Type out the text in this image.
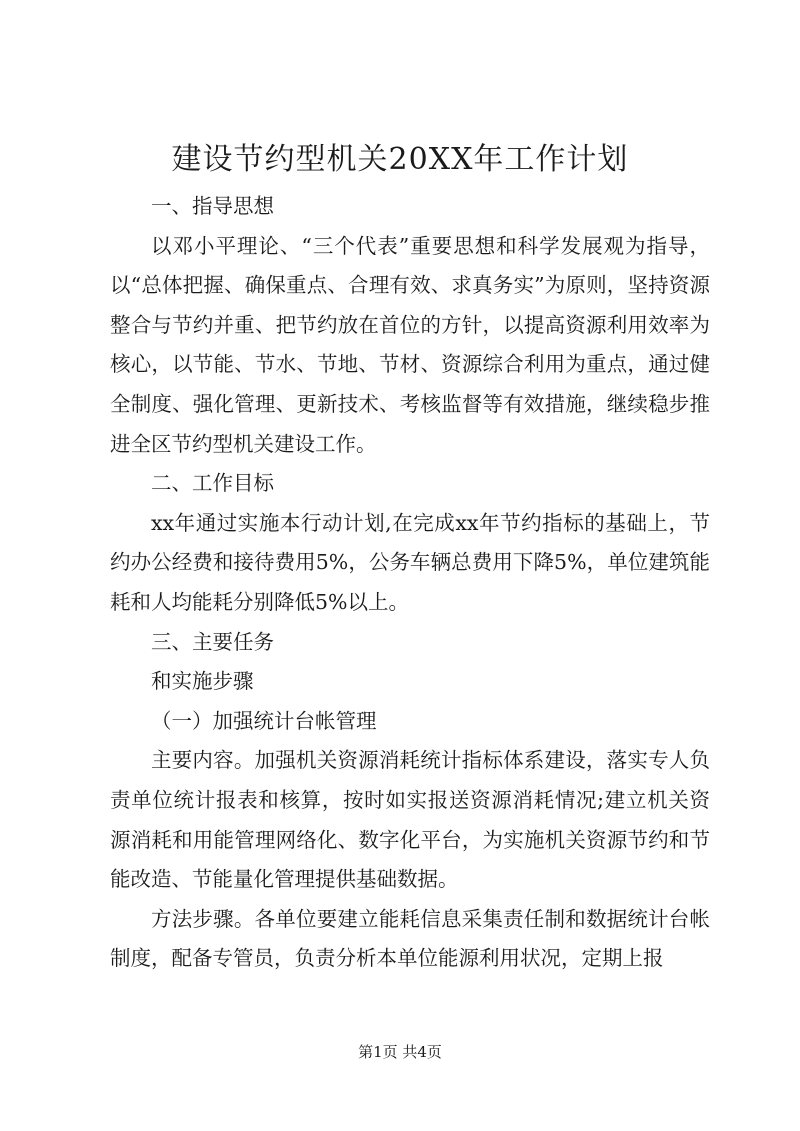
建设节约型机关20XX年工作计划

一、指导思想

以邓小平理论、“三个代表”重要思想和科学发展观为指导，以“总体把握、确保重点、合理有效、求真务实”为原则，坚持资源整合与节约并重、把节约放在首位的方针，以提高资源利用效率为核心，以节能、节水、节地、节材、资源综合利用为重点，通过健全制度、强化管理、更新技术、考核监督等有效措施，继续稳步推进全区节约型机关建设工作。

二、工作目标

xx年通过实施本行动计划,在完成xx年节约指标的基础上，节约办公经费和接待费用5%，公务车辆总费用下降5%，单位建筑能耗和人均能耗分别降低5%以上。

三、主要任务

和实施步骤

（一）加强统计台帐管理

主要内容。加强机关资源消耗统计指标体系建设，落实专人负责单位统计报表和核算，按时如实报送资源消耗情况;建立机关资源消耗和用能管理网络化、数字化平台，为实施机关资源节约和节能改造、节能量化管理提供基础数据。

方法步骤。各单位要建立能耗信息采集责任制和数据统计台帐制度，配备专管员，负责分析本单位能源利用状况，定期上报

第1页 共4页
